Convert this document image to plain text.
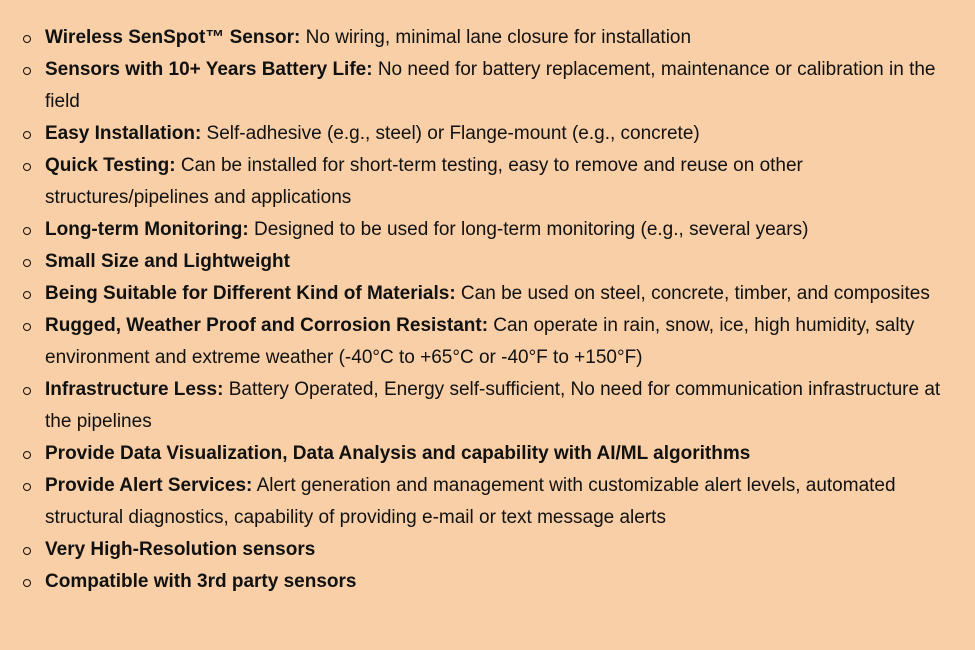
Wireless SenSpot™ Sensor: No wiring, minimal lane closure for installation
Sensors with 10+ Years Battery Life: No need for battery replacement, maintenance or calibration in the field
Easy Installation: Self-adhesive (e.g., steel) or Flange-mount (e.g., concrete)
Quick Testing: Can be installed for short-term testing, easy to remove and reuse on other structures/pipelines and applications
Long-term Monitoring: Designed to be used for long-term monitoring (e.g., several years)
Small Size and Lightweight
Being Suitable for Different Kind of Materials: Can be used on steel, concrete, timber, and composites
Rugged, Weather Proof and Corrosion Resistant: Can operate in rain, snow, ice, high humidity, salty environment and extreme weather (-40°C to +65°C or -40°F to +150°F)
Infrastructure Less: Battery Operated, Energy self-sufficient, No need for communication infrastructure at the pipelines
Provide Data Visualization, Data Analysis and capability with AI/ML algorithms
Provide Alert Services: Alert generation and management with customizable alert levels, automated structural diagnostics, capability of providing e-mail or text message alerts
Very High-Resolution sensors
Compatible with 3rd party sensors
